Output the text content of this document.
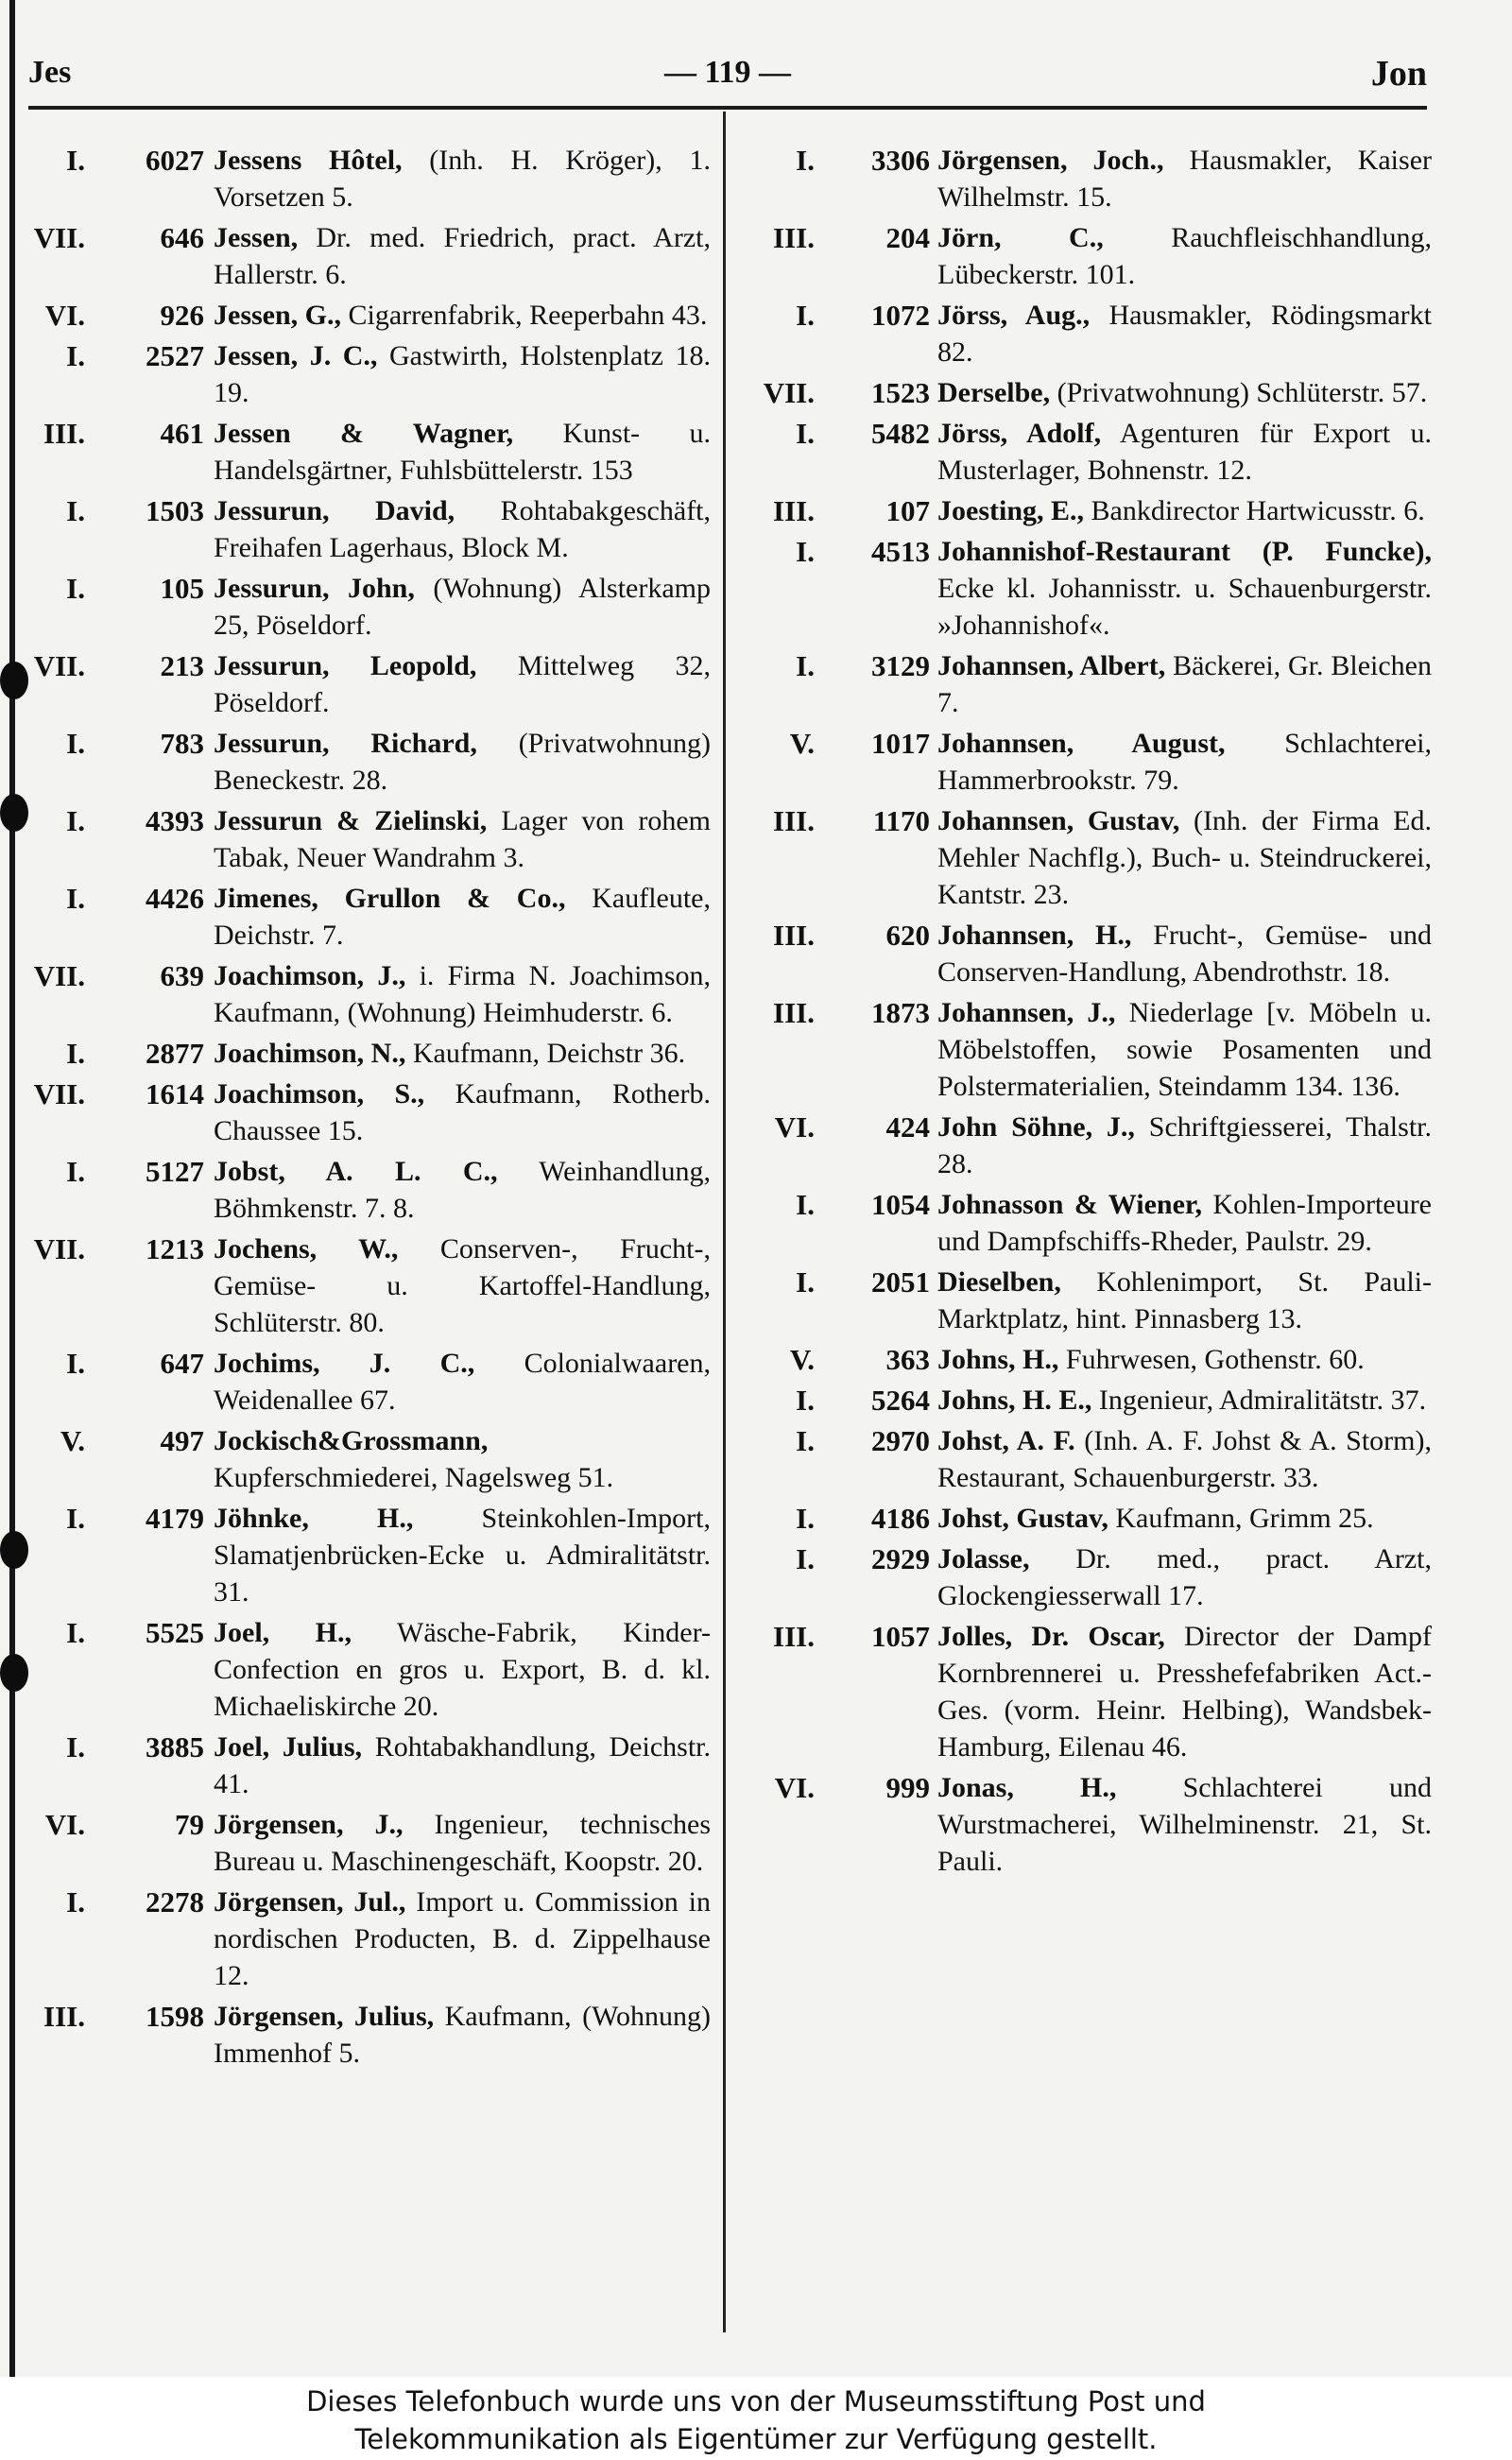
Jes	— 119 —	Jon
I.	6027 Jessens Hôtel, (Inh. H. Kröger), 1. Vorsetzen 5.
VII.	646 Jessen, Dr. med. Friedrich, pract. Arzt, Hallerstr. 6.
VI.	926 Jessen, G., Cigarrenfabrik, Reeperbahn 43.
I.	2527 Jessen, J. C., Gastwirth, Holstenplatz 18. 19.
III.	461 Jessen & Wagner, Kunst- u. Handelsgärtner, Fuhlsbüttelerstr. 153
I.	1503 Jessurun, David, Rohtabakgeschäft, Freihafen Lagerhaus, Block M.
I.	105 Jessurun, John, (Wohnung) Alsterkamp 25, Pöseldorf.
VII.	213 Jessurun, Leopold, Mittelweg 32, Pöseldorf.
I.	783 Jessurun, Richard, (Privatwohnung) Beneckestr. 28.
I.	4393 Jessurun & Zielinski, Lager von rohem Tabak, Neuer Wandrahm 3.
I.	4426 Jimenes, Grullon & Co., Kaufleute, Deichstr. 7.
VII.	639 Joachimson, J., i. Firma N. Joachimson, Kaufmann, (Wohnung) Heimhuderstr. 6.
I.	2877 Joachimson, N., Kaufmann, Deichstr 36.
VII.	1614 Joachimson, S., Kaufmann, Rotherb. Chaussee 15.
I.	5127 Jobst, A. L. C., Weinhandlung, Böhmkenstr. 7. 8.
VII.	1213 Jochens, W., Conserven-, Frucht-, Gemüse- u. Kartoffel-Handlung, Schlüterstr. 80.
I.	647 Jochims, J. C., Colonialwaaren, Weidenallee 67.
V.	497 Jockisch&Grossmann, Kupferschmiederei, Nagelsweg 51.
I.	4179 Jöhnke, H., Steinkohlen-Import, Slamatjenbrücken-Ecke u. Admiralitätstr. 31.
I.	5525 Joel, H., Wäsche-Fabrik, Kinder-Confection en gros u. Export, B. d. kl. Michaeliskirche 20.
I.	3885 Joel, Julius, Rohtabakhandlung, Deichstr. 41.
VI.	79 Jörgensen, J., Ingenieur, technisches Bureau u. Maschinengeschäft, Koopstr. 20.
I.	2278 Jörgensen, Jul., Import u. Commission in nordischen Producten, B. d. Zippelhause 12.
III.	1598 Jörgensen, Julius, Kaufmann, (Wohnung) Immenhof 5.
I.	3306 Jörgensen, Joch., Hausmakler, Kaiser Wilhelmstr. 15.
III.	204 Jörn, C., Rauchfleischhandlung, Lübeckerstr. 101.
I.	1072 Jörss, Aug., Hausmakler, Rödingsmarkt 82.
VII.	1523 Derselbe, (Privatwohnung) Schlüterstr. 57.
I.	5482 Jörss, Adolf, Agenturen für Export u. Musterlager, Bohnenstr. 12.
III.	107 Joesting, E., Bankdirector Hartwicusstr. 6.
I.	4513 Johannishof-Restaurant (P. Funcke), Ecke kl. Johannisstr. u. Schauenburgerstr. »Johannishof«.
I.	3129 Johannsen, Albert, Bäckerei, Gr. Bleichen 7.
V.	1017 Johannsen, August, Schlachterei, Hammerbrookstr. 79.
III.	1170 Johannsen, Gustav, (Inh. der Firma Ed. Mehler Nachflg.), Buch- u. Steindruckerei, Kantstr. 23.
III.	620 Johannsen, H., Frucht-, Gemüse- und Conserven-Handlung, Abendrothstr. 18.
III.	1873 Johannsen, J., Niederlage [v. Möbeln u. Möbelstoffen, sowie Posamenten und Polstermaterialien, Steindamm 134. 136.
VI.	424 John Söhne, J., Schriftgiesserei, Thalstr. 28.
I.	1054 Johnasson & Wiener, Kohlen-Importeure und Dampfschiffs-Rheder, Paulstr. 29.
I.	2051 Dieselben, Kohlenimport, St. Pauli-Marktplatz, hint. Pinnasberg 13.
V.	363 Johns, H., Fuhrwesen, Gothenstr. 60.
I.	5264 Johns, H. E., Ingenieur, Admiralitätstr. 37.
I.	2970 Johst, A. F. (Inh. A. F. Johst & A. Storm), Restaurant, Schauenburgerstr. 33.
I.	4186 Johst, Gustav, Kaufmann, Grimm 25.
I.	2929 Jolasse, Dr. med., pract. Arzt, Glockengiesserwall 17.
III.	1057 Jolles, Dr. Oscar, Director der Dampf Kornbrennerei u. Presshefefabriken Act.-Ges. (vorm. Heinr. Helbing), Wandsbek-Hamburg, Eilenau 46.
VI.	999 Jonas, H., Schlachterei und Wurstmacherei, Wilhelminenstr. 21, St. Pauli.
Dieses Telefonbuch wurde uns von der Museumsstiftung Post und
Telekommunikation als Eigentümer zur Verfügung gestellt.
